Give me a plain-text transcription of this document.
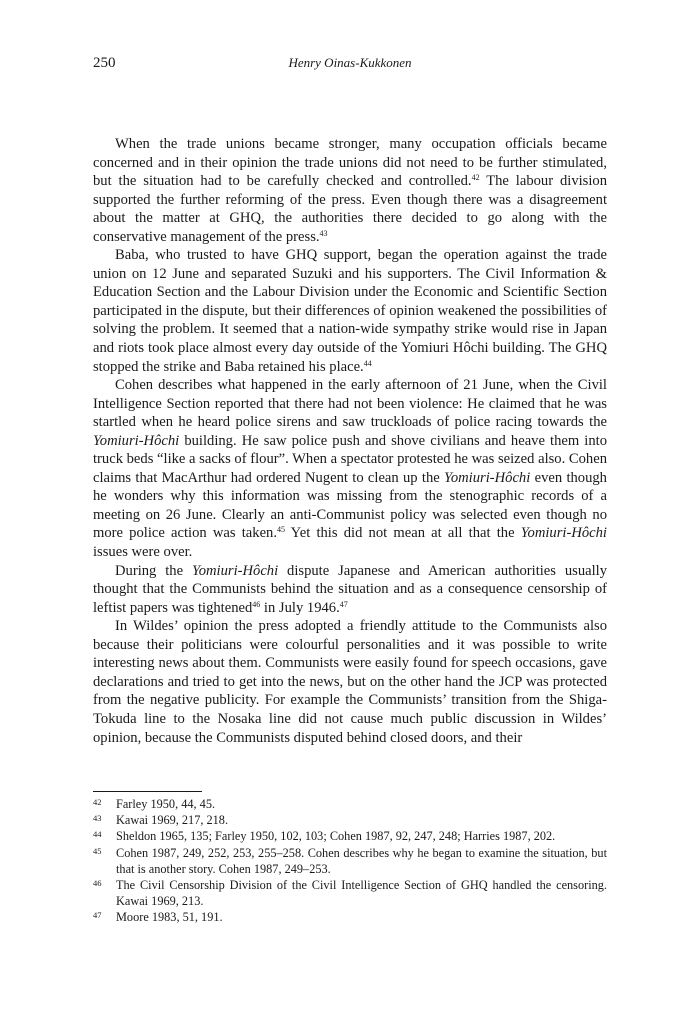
250	Henry Oinas-Kukkonen

When the trade unions became stronger, many occupation officials became concerned and in their opinion the trade unions did not need to be further stimulated, but the situation had to be carefully checked and controlled.$^{42}$ The labour division supported the further reforming of the press. Even though there was a disagreement about the matter at GHQ, the authorities there decided to go along with the conservative management of the press.$^{43}$

Baba, who trusted to have GHQ support, began the operation against the trade union on 12 June and separated Suzuki and his supporters. The Civil Information & Education Section and the Labour Division under the Economic and Scientific Section participated in the dispute, but their differences of opinion weakened the possibilities of solving the problem. It seemed that a nation-wide sympathy strike would rise in Japan and riots took place almost every day outside of the Yomiuri Hôchi building. The GHQ stopped the strike and Baba retained his place.$^{44}$

Cohen describes what happened in the early afternoon of 21 June, when the Civil Intelligence Section reported that there had not been violence: He claimed that he was startled when he heard police sirens and saw truckloads of police racing towards the Yomiuri-Hôchi building. He saw police push and shove civilians and heave them into truck beds “like a sacks of flour”. When a spectator protested he was seized also. Cohen claims that MacArthur had ordered Nugent to clean up the Yomiuri-Hôchi even though he wonders why this information was missing from the stenographic records of a meeting on 26 June. Clearly an anti-Communist policy was selected even though no more police action was taken.$^{45}$ Yet this did not mean at all that the Yomiuri-Hôchi issues were over.

During the Yomiuri-Hôchi dispute Japanese and American authorities usually thought that the Communists behind the situation and as a consequence censorship of leftist papers was tightened$^{46}$ in July 1946.47

In Wildes’ opinion the press adopted a friendly attitude to the Communists also because their politicians were colourful personalities and it was possible to write interesting news about them. Communists were easily found for speech occasions, gave declarations and tried to get into the news, but on the other hand the JCP was protected from the negative publicity. For example the Communists’ transition from the Shiga-Tokuda line to the Nosaka line did not cause much public discussion in Wildes’ opinion, because the Communists disputed behind closed doors, and their

42	Farley 1950, 44, 45.
43	Kawai 1969, 217, 218.
44	Sheldon 1965, 135; Farley 1950, 102, 103; Cohen 1987, 92, 247, 248; Harries 1987, 202.
45	Cohen 1987, 249, 252, 253, 255–258. Cohen describes why he began to examine the situation, but that is another story. Cohen 1987, 249–253.
46	The Civil Censorship Division of the Civil Intelligence Section of GHQ handled the censoring. Kawai 1969, 213.
47	Moore 1983, 51, 191.
